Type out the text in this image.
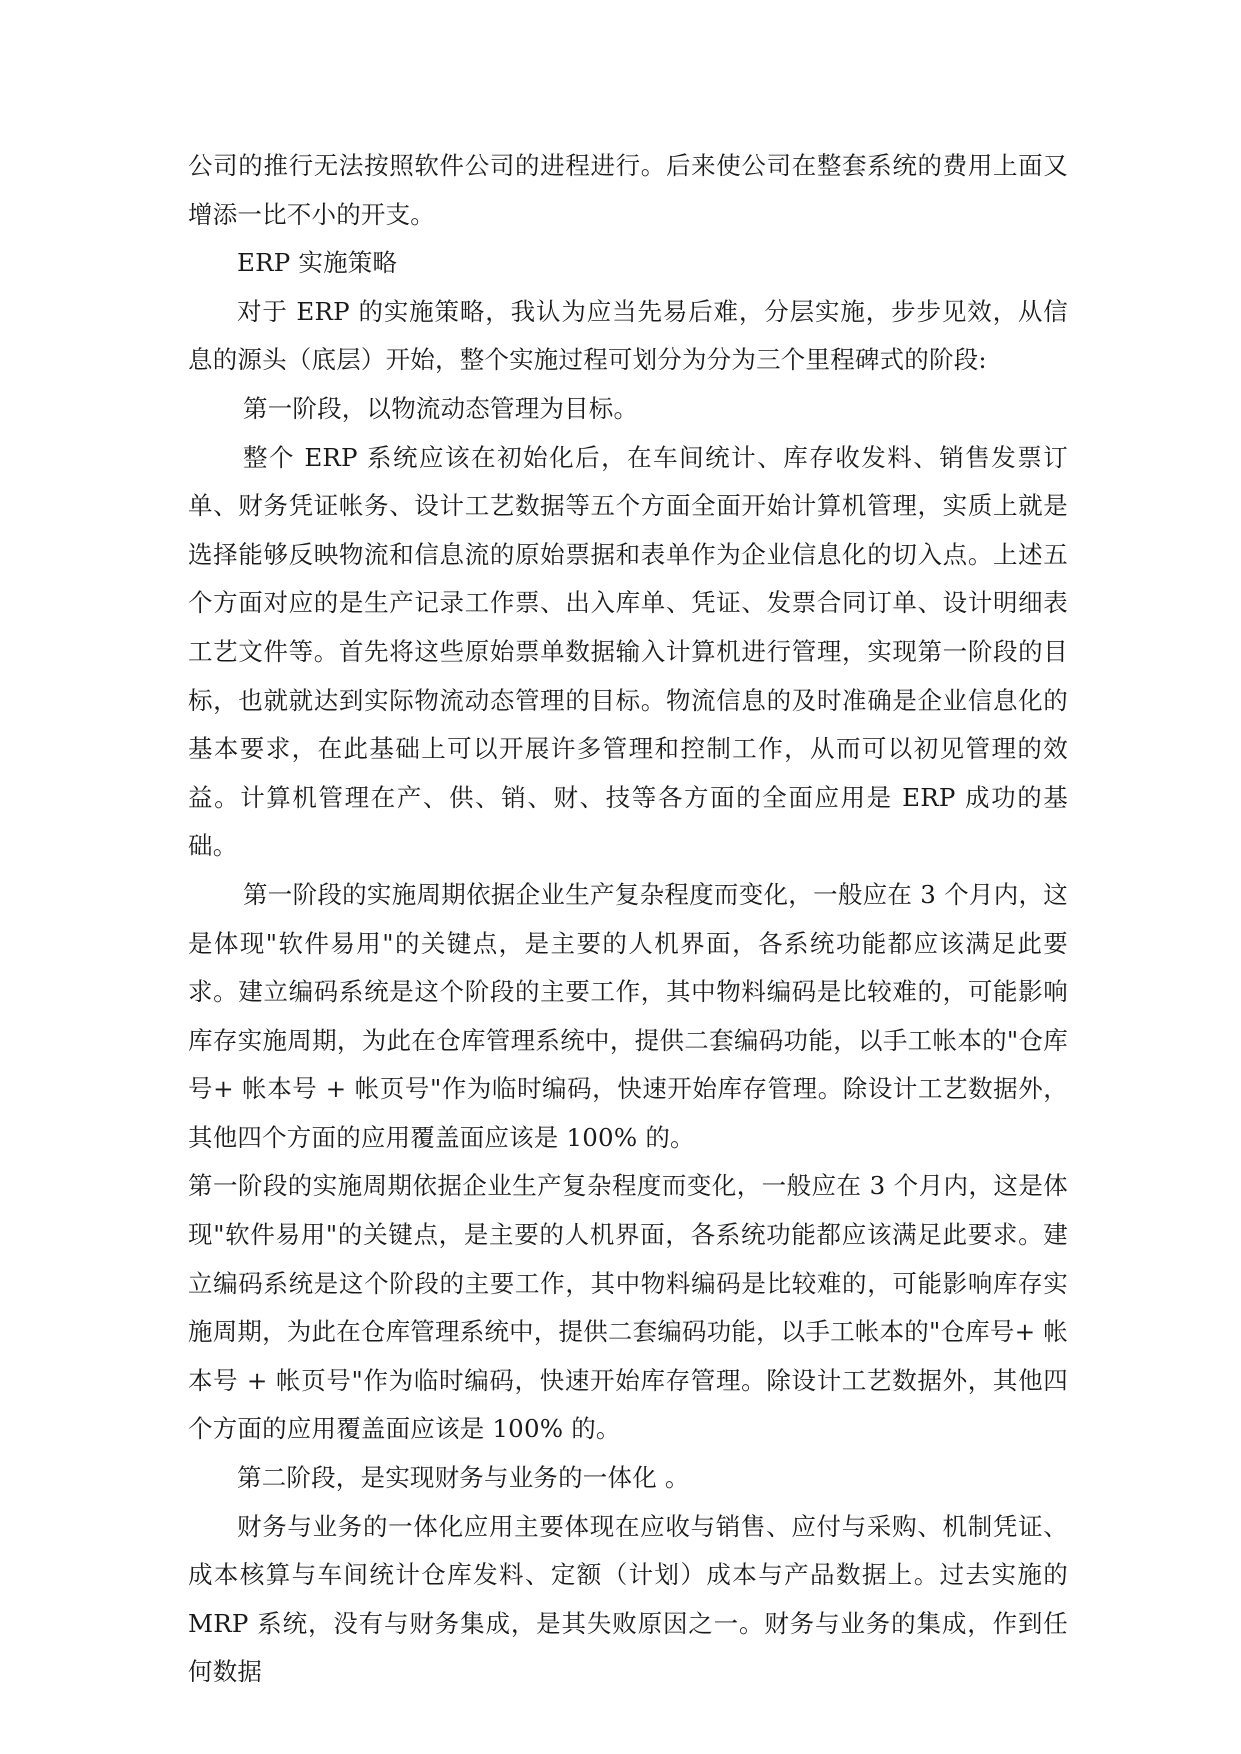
公司的推行无法按照软件公司的进程进行。后来使公司在整套系统的费用上面又增添一比不小的开支。

ERP 实施策略

对于 ERP 的实施策略，我认为应当先易后难，分层实施，步步见效，从信息的源头（底层）开始，整个实施过程可划分为分为三个里程碑式的阶段:

第一阶段，以物流动态管理为目标。

整个 ERP 系统应该在初始化后，在车间统计、库存收发料、销售发票订单、财务凭证帐务、设计工艺数据等五个方面全面开始计算机管理，实质上就是选择能够反映物流和信息流的原始票据和表单作为企业信息化的切入点。上述五个方面对应的是生产记录工作票、出入库单、凭证、发票合同订单、设计明细表工艺文件等。首先将这些原始票单数据输入计算机进行管理，实现第一阶段的目标，也就就达到实际物流动态管理的目标。物流信息的及时准确是企业信息化的基本要求，在此基础上可以开展许多管理和控制工作，从而可以初见管理的效益。计算机管理在产、供、销、财、技等各方面的全面应用是 ERP 成功的基础。

第一阶段的实施周期依据企业生产复杂程度而变化，一般应在 3 个月内，这是体现"软件易用"的关键点，是主要的人机界面，各系统功能都应该满足此要求。建立编码系统是这个阶段的主要工作，其中物料编码是比较难的，可能影响库存实施周期，为此在仓库管理系统中，提供二套编码功能，以手工帐本的"仓库号+ 帐本号 + 帐页号"作为临时编码，快速开始库存管理。除设计工艺数据外，其他四个方面的应用覆盖面应该是 100% 的。

第一阶段的实施周期依据企业生产复杂程度而变化，一般应在 3 个月内，这是体现"软件易用"的关键点，是主要的人机界面，各系统功能都应该满足此要求。建立编码系统是这个阶段的主要工作，其中物料编码是比较难的，可能影响库存实施周期，为此在仓库管理系统中，提供二套编码功能，以手工帐本的"仓库号+ 帐本号 + 帐页号"作为临时编码，快速开始库存管理。除设计工艺数据外，其他四个方面的应用覆盖面应该是 100% 的。

第二阶段，是实现财务与业务的一体化 。

财务与业务的一体化应用主要体现在应收与销售、应付与采购、机制凭证、成本核算与车间统计仓库发料、定额（计划）成本与产品数据上。过去实施的 MRP 系统，没有与财务集成，是其失败原因之一。财务与业务的集成，作到任何数据
